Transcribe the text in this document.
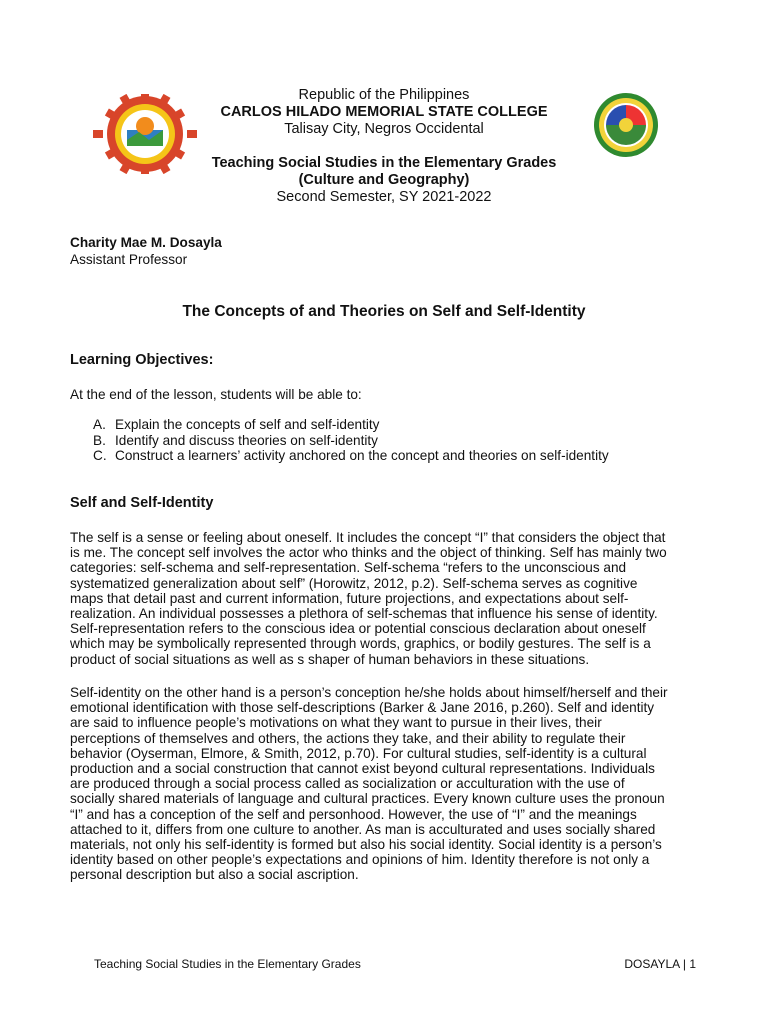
Republic of the Philippines
CARLOS HILADO MEMORIAL STATE COLLEGE
Talisay City, Negros Occidental
Teaching Social Studies in the Elementary Grades
(Culture and Geography)
Second Semester, SY 2021-2022
Charity Mae M. Dosayla
Assistant Professor
The Concepts of and Theories on Self and Self-Identity
Learning Objectives:
At the end of the lesson, students will be able to:
A. Explain the concepts of self and self-identity
B. Identify and discuss theories on self-identity
C. Construct a learners’ activity anchored on the concept and theories on self-identity
Self and Self-Identity
The self is a sense or feeling about oneself. It includes the concept “I” that considers the object that
is me. The concept self involves the actor who thinks and the object of thinking. Self has mainly two
categories: self-schema and self-representation. Self-schema “refers to the unconscious and
systematized generalization about self” (Horowitz, 2012, p.2). Self-schema serves as cognitive
maps that detail past and current information, future projections, and expectations about self-
realization. An individual possesses a plethora of self-schemas that influence his sense of identity.
Self-representation refers to the conscious idea or potential conscious declaration about oneself
which may be symbolically represented through words, graphics, or bodily gestures. The self is a
product of social situations as well as s shaper of human behaviors in these situations.
Self-identity on the other hand is a person’s conception he/she holds about himself/herself and their
emotional identification with those self-descriptions (Barker & Jane 2016, p.260). Self and identity
are said to influence people’s motivations on what they want to pursue in their lives, their
perceptions of themselves and others, the actions they take, and their ability to regulate their
behavior (Oyserman, Elmore, & Smith, 2012, p.70). For cultural studies, self-identity is a cultural
production and a social construction that cannot exist beyond cultural representations. Individuals
are produced through a social process called as socialization or acculturation with the use of
socially shared materials of language and cultural practices. Every known culture uses the pronoun
“I” and has a conception of the self and personhood. However, the use of “I” and the meanings
attached to it, differs from one culture to another. As man is acculturated and uses socially shared
materials, not only his self-identity is formed but also his social identity. Social identity is a person’s
identity based on other people’s expectations and opinions of him. Identity therefore is not only a
personal description but also a social ascription.
Teaching Social Studies in the Elementary Grades	DOSAYLA | 1
